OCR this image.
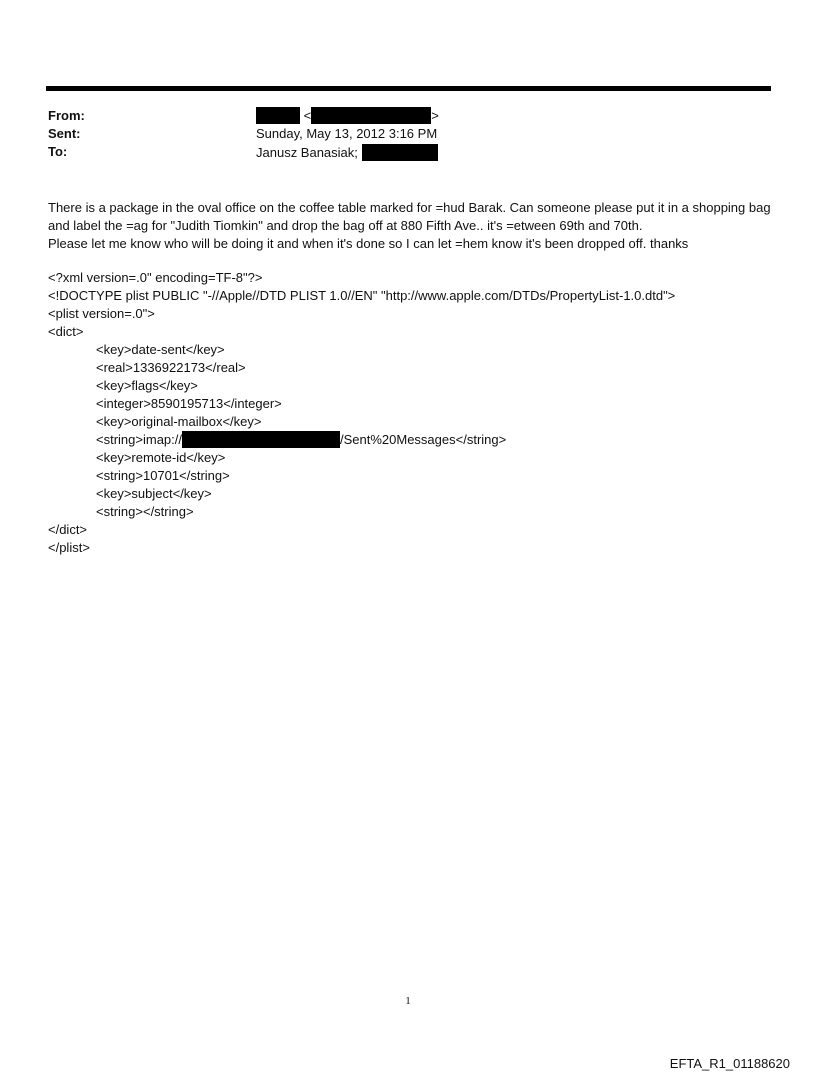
From:
Sent:
To:
<	>
Sunday, May 13, 2012 3:16 PM
Janusz Banasiak;
There is a package in the oval office on the coffee table marked for =hud Barak. Can someone please put it in a shopping bag and label the =ag for "Judith Tiomkin" and drop the bag off at 880 Fifth Ave.. it's =etween 69th and 70th.
Please let me know who will be doing it and when it's done so I can let =hem know it's been dropped off. thanks
<?xml version=.0" encoding=TF-8"?>
<!DOCTYPE plist PUBLIC "-//Apple//DTD PLIST 1.0//EN" "http://www.apple.com/DTDs/PropertyList-1.0.dtd">
<plist version=.0">
<dict>
<key>date-sent</key>
<real>1336922173</real>
<key>flags</key>
<integer>8590195713</integer>
<key>original-mailbox</key>
<string>imap://	/Sent%20Messages</string>
<key>remote-id</key>
<string>10701</string>
<key>subject</key>
<string></string>
</dict>
</plist>
1
EFTA_R1_01188620
